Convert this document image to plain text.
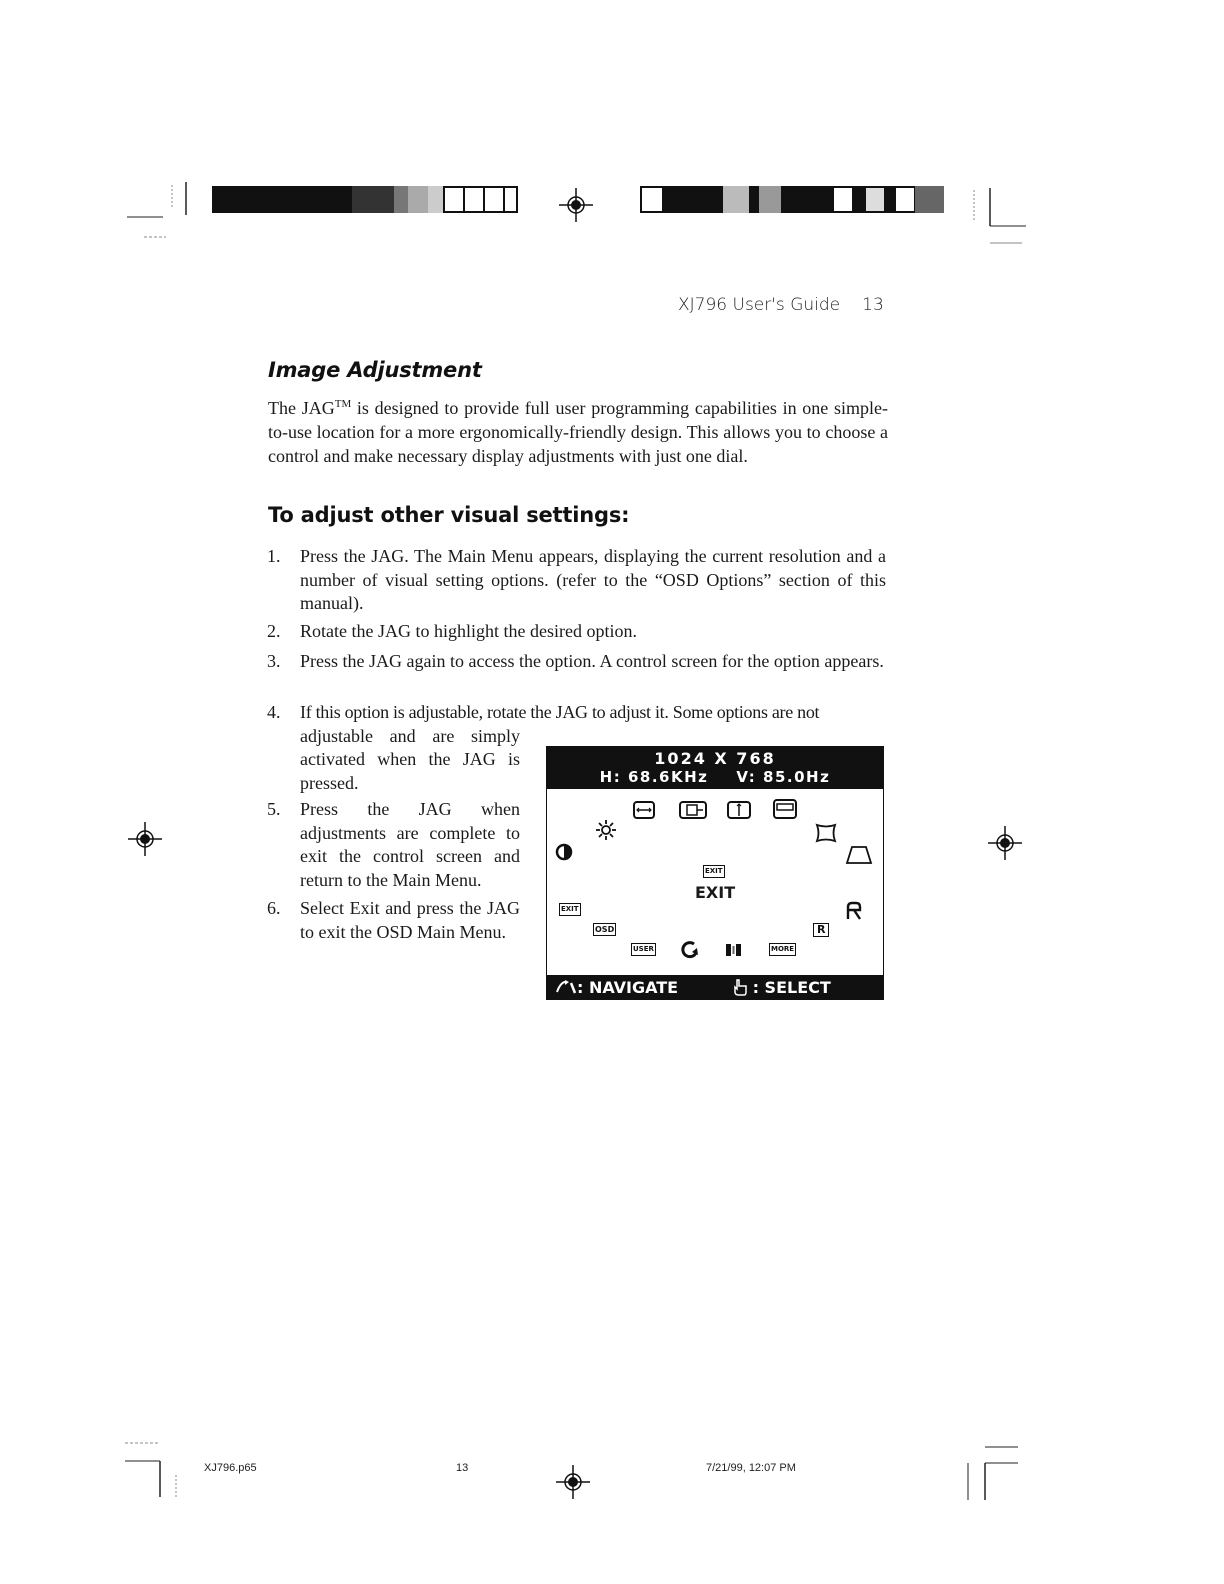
XJ796 User's Guide 13
Image Adjustment

The JAG™ is designed to provide full user programming capabilities in one simple-to-use location for a more ergonomically-friendly design. This allows you to choose a control and make necessary display adjustments with just one dial.

To adjust other visual settings:
1. Press the JAG. The Main Menu appears, displaying the current resolution and a number of visual setting options. (refer to the “OSD Options” section of this manual).
2. Rotate the JAG to highlight the desired option.
3. Press the JAG again to access the option. A control screen for the option appears.
4. If this option is adjustable, rotate the JAG to adjust it. Some options are not
adjustable and are simply activated when the JAG is pressed.
5. Press the JAG when adjustments are complete to exit the control screen and return to the Main Menu.
6. Select Exit and press the JAG to exit the OSD Main Menu.
1024 X 768
H: 68.6KHz V: 85.0Hz
EXIT
EXIT
EXIT
OSD	R
USER	MORE
: NAVIGATE	: SELECT
XJ796.p65	13	7/21/99, 12:07 PM
